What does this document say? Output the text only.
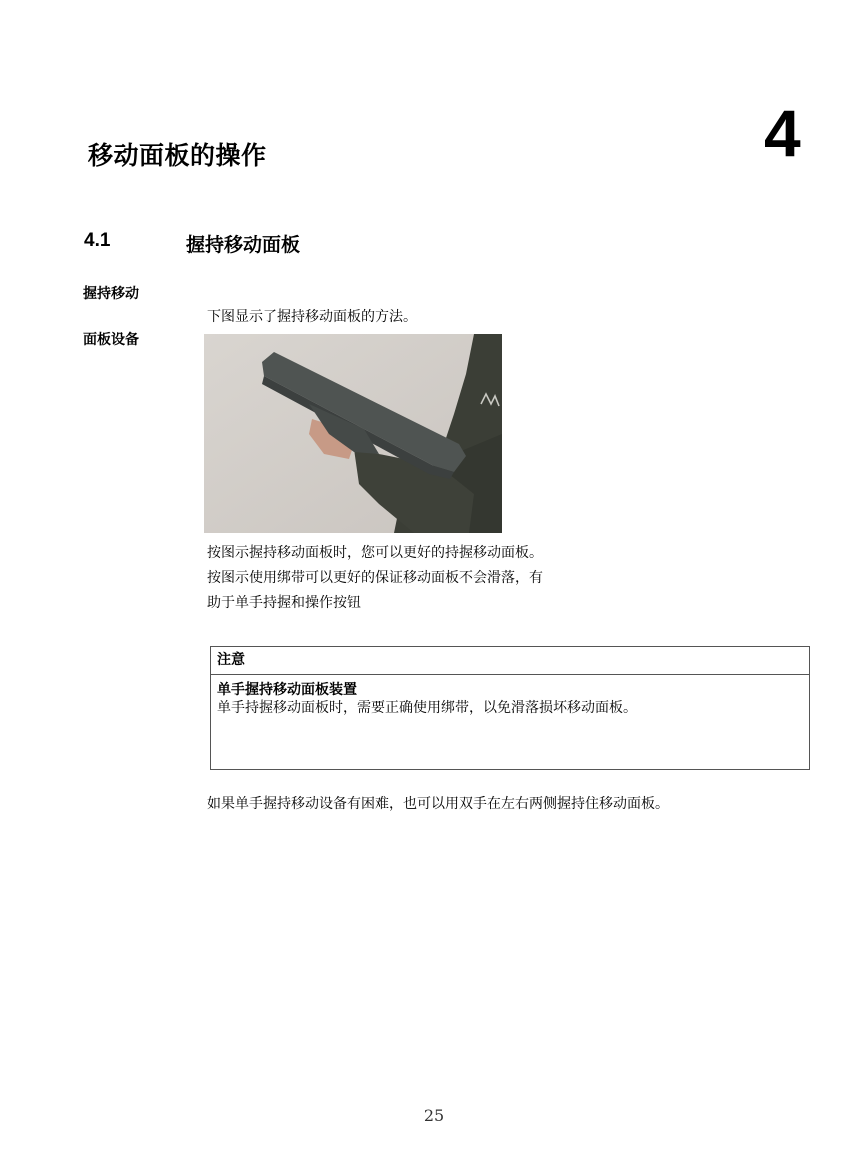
移动面板的操作	4
4.1	握持移动面板
握持移动
面板设备
下图显示了握持移动面板的方法。
按图示握持移动面板时，您可以更好的持握移动面板。
按图示使用绑带可以更好的保证移动面板不会滑落，有
助于单手持握和操作按钮
注意
单手握持移动面板装置
单手持握移动面板时，需要正确使用绑带，以免滑落损坏移动面板。
如果单手握持移动设备有困难，也可以用双手在左右两侧握持住移动面板。
25
